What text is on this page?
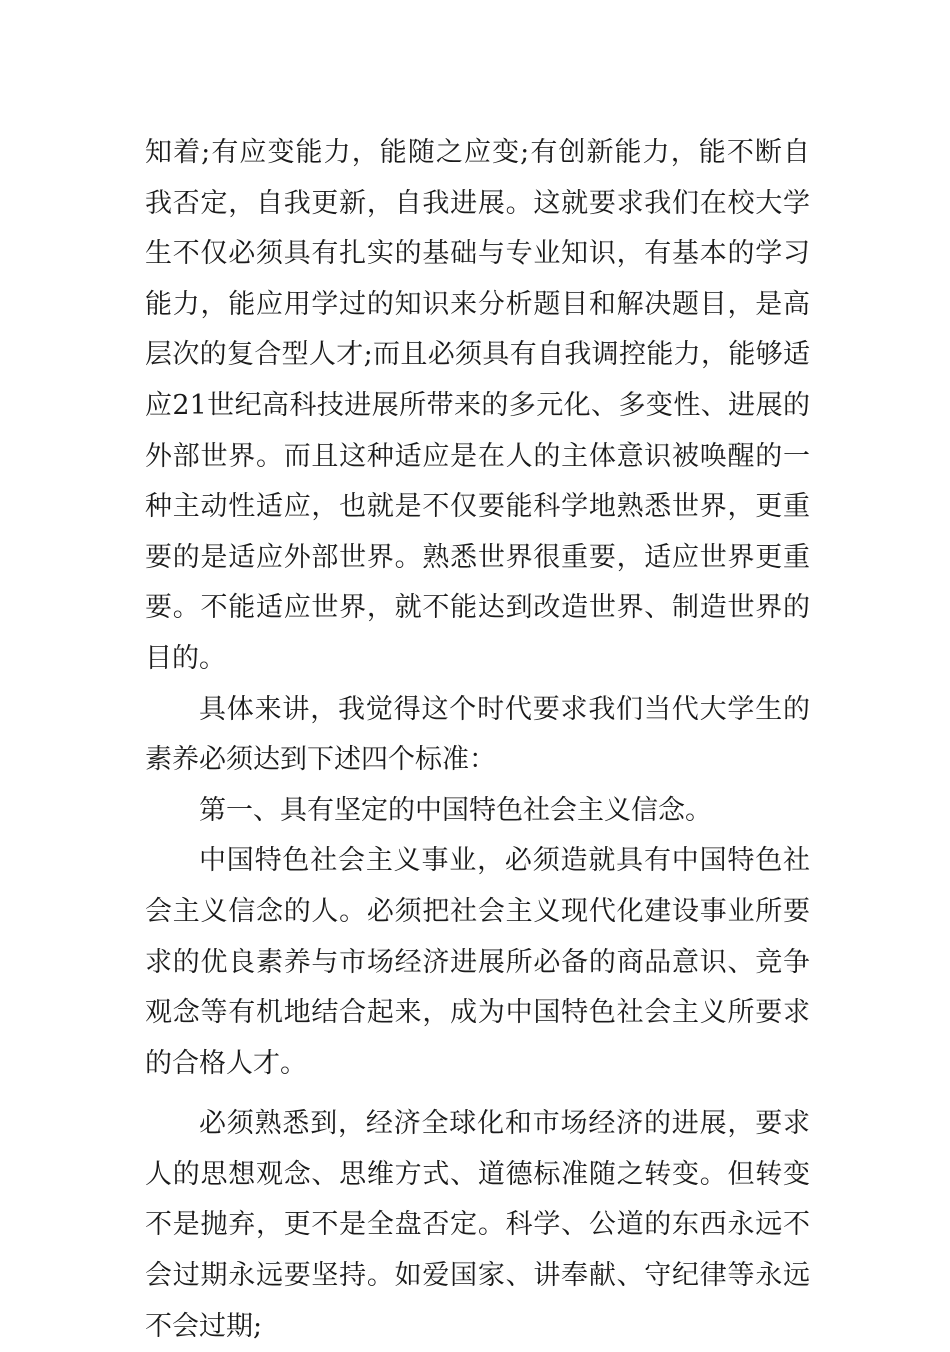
知着;有应变能力，能随之应变;有创新能力，能不断自我否定，自我更新，自我进展。这就要求我们在校大学生不仅必须具有扎实的基础与专业知识，有基本的学习能力，能应用学过的知识来分析题目和解决题目，是高层次的复合型人才;而且必须具有自我调控能力，能够适应21世纪高科技进展所带来的多元化、多变性、进展的外部世界。而且这种适应是在人的主体意识被唤醒的一种主动性适应，也就是不仅要能科学地熟悉世界，更重要的是适应外部世界。熟悉世界很重要，适应世界更重要。不能适应世界，就不能达到改造世界、制造世界的目的。

具体来讲，我觉得这个时代要求我们当代大学生的素养必须达到下述四个标准：

第一、具有坚定的中国特色社会主义信念。

中国特色社会主义事业，必须造就具有中国特色社会主义信念的人。必须把社会主义现代化建设事业所要求的优良素养与市场经济进展所必备的商品意识、竞争观念等有机地结合起来，成为中国特色社会主义所要求的合格人才。

必须熟悉到，经济全球化和市场经济的进展，要求人的思想观念、思维方式、道德标准随之转变。但转变不是抛弃，更不是全盘否定。科学、公道的东西永远不会过期永远要坚持。如爱国家、讲奉献、守纪律等永远不会过期;
